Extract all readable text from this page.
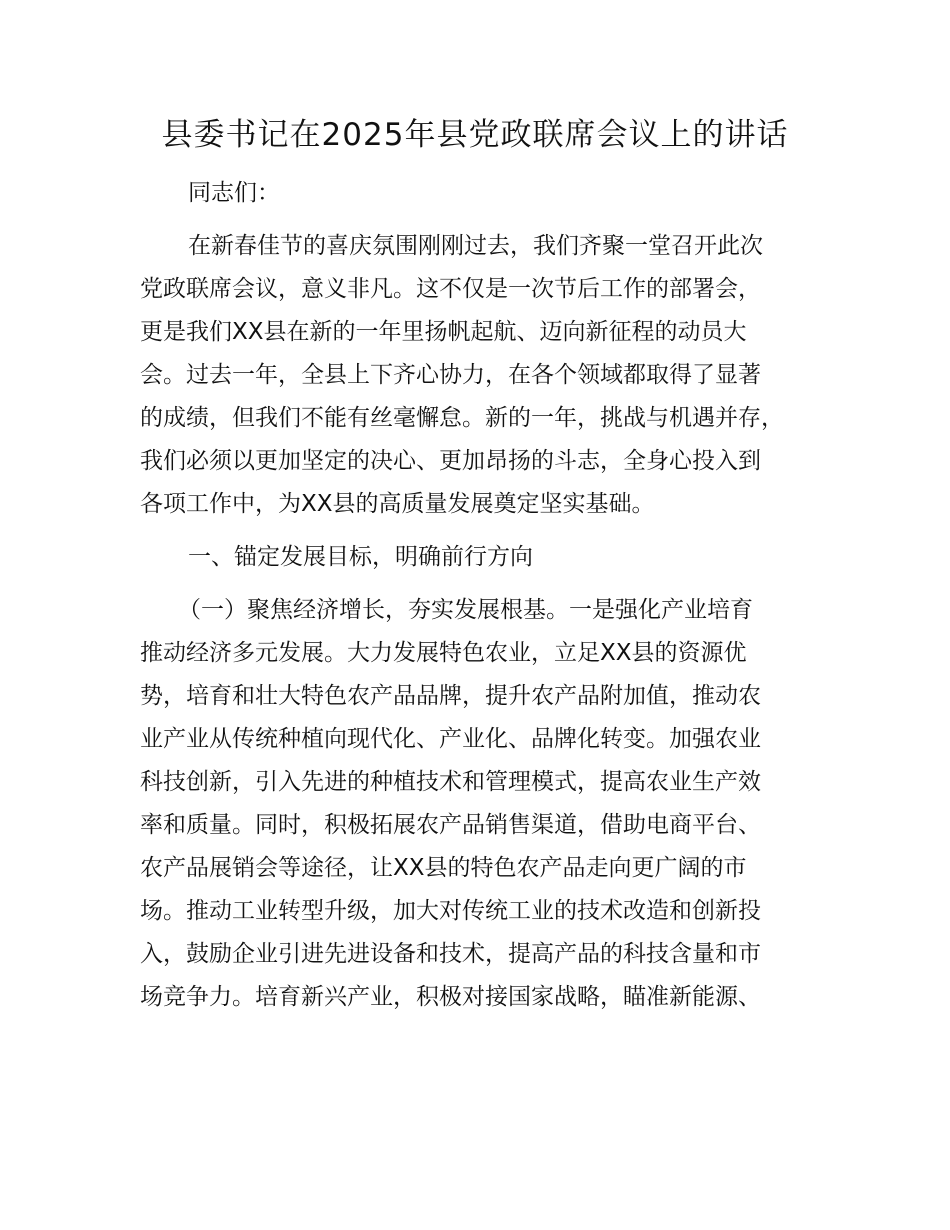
县委书记在2025年县党政联席会议上的讲话
同志们：
在新春佳节的喜庆氛围刚刚过去，我们齐聚一堂召开此次
党政联席会议，意义非凡。这不仅是一次节后工作的部署会，
更是我们XX县在新的一年里扬帆起航、迈向新征程的动员大
会。过去一年，全县上下齐心协力，在各个领域都取得了显著
的成绩，但我们不能有丝毫懈怠。新的一年，挑战与机遇并存，
我们必须以更加坚定的决心、更加昂扬的斗志，全身心投入到
各项工作中，为XX县的高质量发展奠定坚实基础。
一、锚定发展目标，明确前行方向
（一）聚焦经济增长，夯实发展根基。一是强化产业培育
推动经济多元发展。大力发展特色农业，立足XX县的资源优
势，培育和壮大特色农产品品牌，提升农产品附加值，推动农
业产业从传统种植向现代化、产业化、品牌化转变。加强农业
科技创新，引入先进的种植技术和管理模式，提高农业生产效
率和质量。同时，积极拓展农产品销售渠道，借助电商平台、
农产品展销会等途径，让XX县的特色农产品走向更广阔的市
场。推动工业转型升级，加大对传统工业的技术改造和创新投
入，鼓励企业引进先进设备和技术，提高产品的科技含量和市
场竞争力。培育新兴产业，积极对接国家战略，瞄准新能源、
